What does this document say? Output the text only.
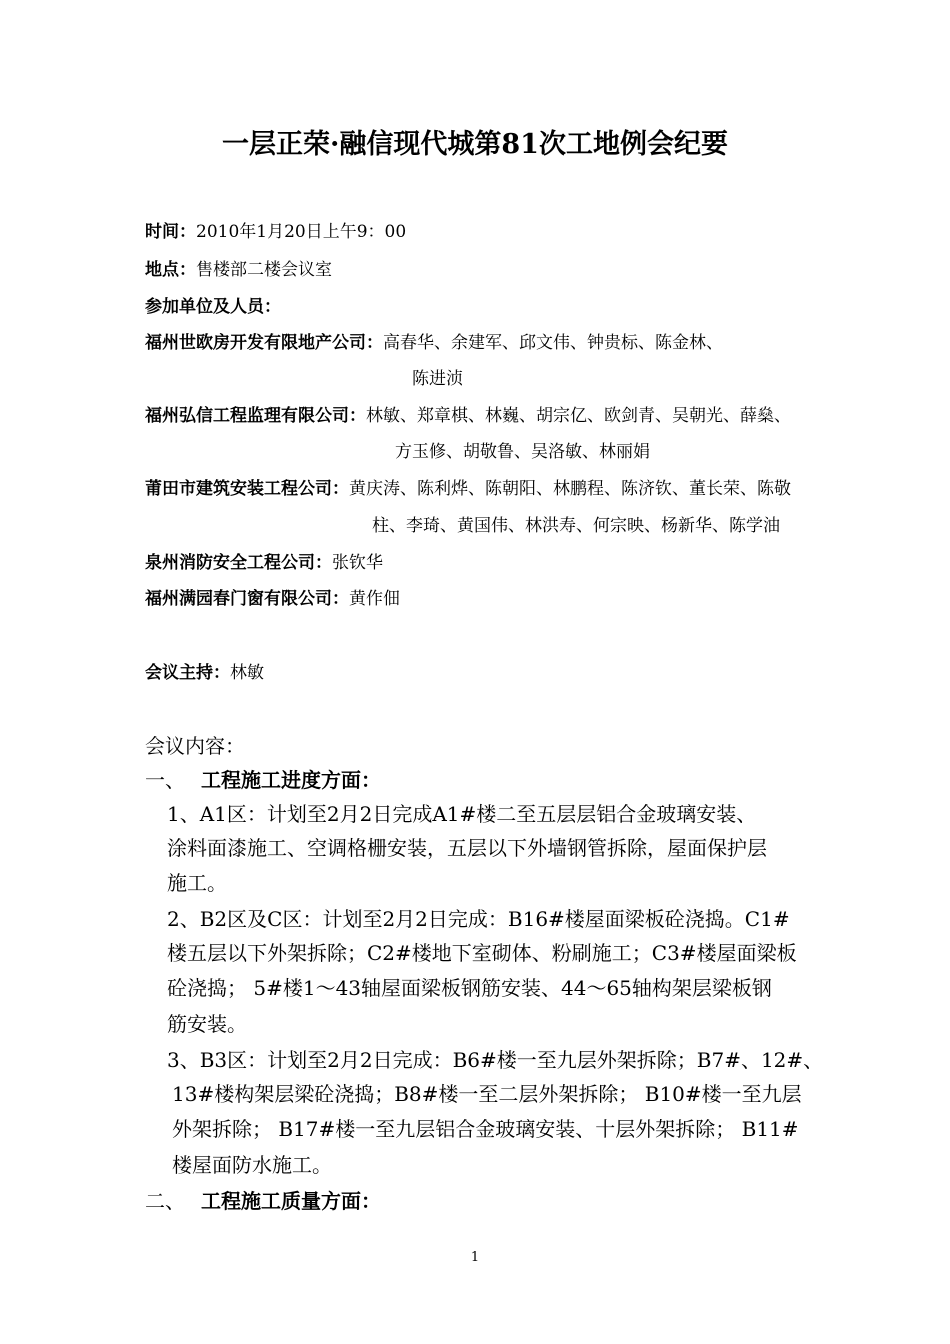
一层正荣·融信现代城第81次工地例会纪要
时间：2010年1月20日上午9：00
地点：售楼部二楼会议室
参加单位及人员：
福州世欧房开发有限地产公司：高春华、余建军、邱文伟、钟贵标、陈金林、
陈进浈
福州弘信工程监理有限公司：林敏、郑章棋、林巍、胡宗亿、欧剑青、吴朝光、薛燊、
方玉修、胡敬鲁、吴洛敏、林丽娟
莆田市建筑安装工程公司：黄庆涛、陈利烨、陈朝阳、林鹏程、陈济钦、董长荣、陈敬
柱、李琦、黄国伟、林洪寿、何宗映、杨新华、陈学油
泉州消防安全工程公司：张钦华
福州满园春门窗有限公司：黄作佃
会议主持：林敏
会议内容：
一、 工程施工进度方面：
1、A1区：计划至2月2日完成A1#楼二至五层层铝合金玻璃安装、
涂料面漆施工、空调格栅安装，五层以下外墙钢管拆除，屋面保护层
施工。
2、B2区及C区：计划至2月2日完成：B16#楼屋面梁板砼浇捣。C1#
楼五层以下外架拆除；C2#楼地下室砌体、粉刷施工；C3#楼屋面梁板
砼浇捣； 5#楼1～43轴屋面梁板钢筋安装、44～65轴构架层梁板钢
筋安装。
3、B3区：计划至2月2日完成：B6#楼一至九层外架拆除；B7#、12#、
13#楼构架层梁砼浇捣；B8#楼一至二层外架拆除； B10#楼一至九层
外架拆除； B17#楼一至九层铝合金玻璃安装、十层外架拆除； B11#
楼屋面防水施工。
二、 工程施工质量方面：
1
